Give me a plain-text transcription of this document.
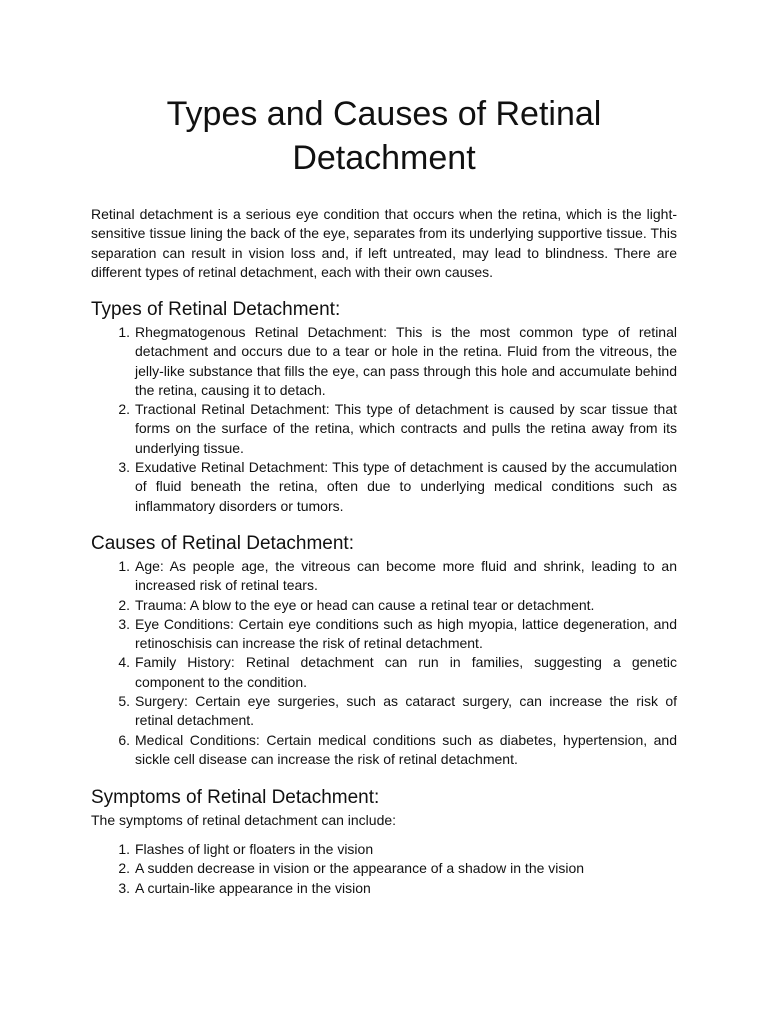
Types and Causes of Retinal Detachment

Retinal detachment is a serious eye condition that occurs when the retina, which is the light-sensitive tissue lining the back of the eye, separates from its underlying supportive tissue. This separation can result in vision loss and, if left untreated, may lead to blindness. There are different types of retinal detachment, each with their own causes.

Types of Retinal Detachment:
1. Rhegmatogenous Retinal Detachment: This is the most common type of retinal detachment and occurs due to a tear or hole in the retina. Fluid from the vitreous, the jelly-like substance that fills the eye, can pass through this hole and accumulate behind the retina, causing it to detach.
2. Tractional Retinal Detachment: This type of detachment is caused by scar tissue that forms on the surface of the retina, which contracts and pulls the retina away from its underlying tissue.
3. Exudative Retinal Detachment: This type of detachment is caused by the accumulation of fluid beneath the retina, often due to underlying medical conditions such as inflammatory disorders or tumors.
Causes of Retinal Detachment:
1. Age: As people age, the vitreous can become more fluid and shrink, leading to an increased risk of retinal tears.
2. Trauma: A blow to the eye or head can cause a retinal tear or detachment.
3. Eye Conditions: Certain eye conditions such as high myopia, lattice degeneration, and retinoschisis can increase the risk of retinal detachment.
4. Family History: Retinal detachment can run in families, suggesting a genetic component to the condition.
5. Surgery: Certain eye surgeries, such as cataract surgery, can increase the risk of retinal detachment.
6. Medical Conditions: Certain medical conditions such as diabetes, hypertension, and sickle cell disease can increase the risk of retinal detachment.
Symptoms of Retinal Detachment:

The symptoms of retinal detachment can include:

1. Flashes of light or floaters in the vision
2. A sudden decrease in vision or the appearance of a shadow in the vision
3. A curtain-like appearance in the vision
